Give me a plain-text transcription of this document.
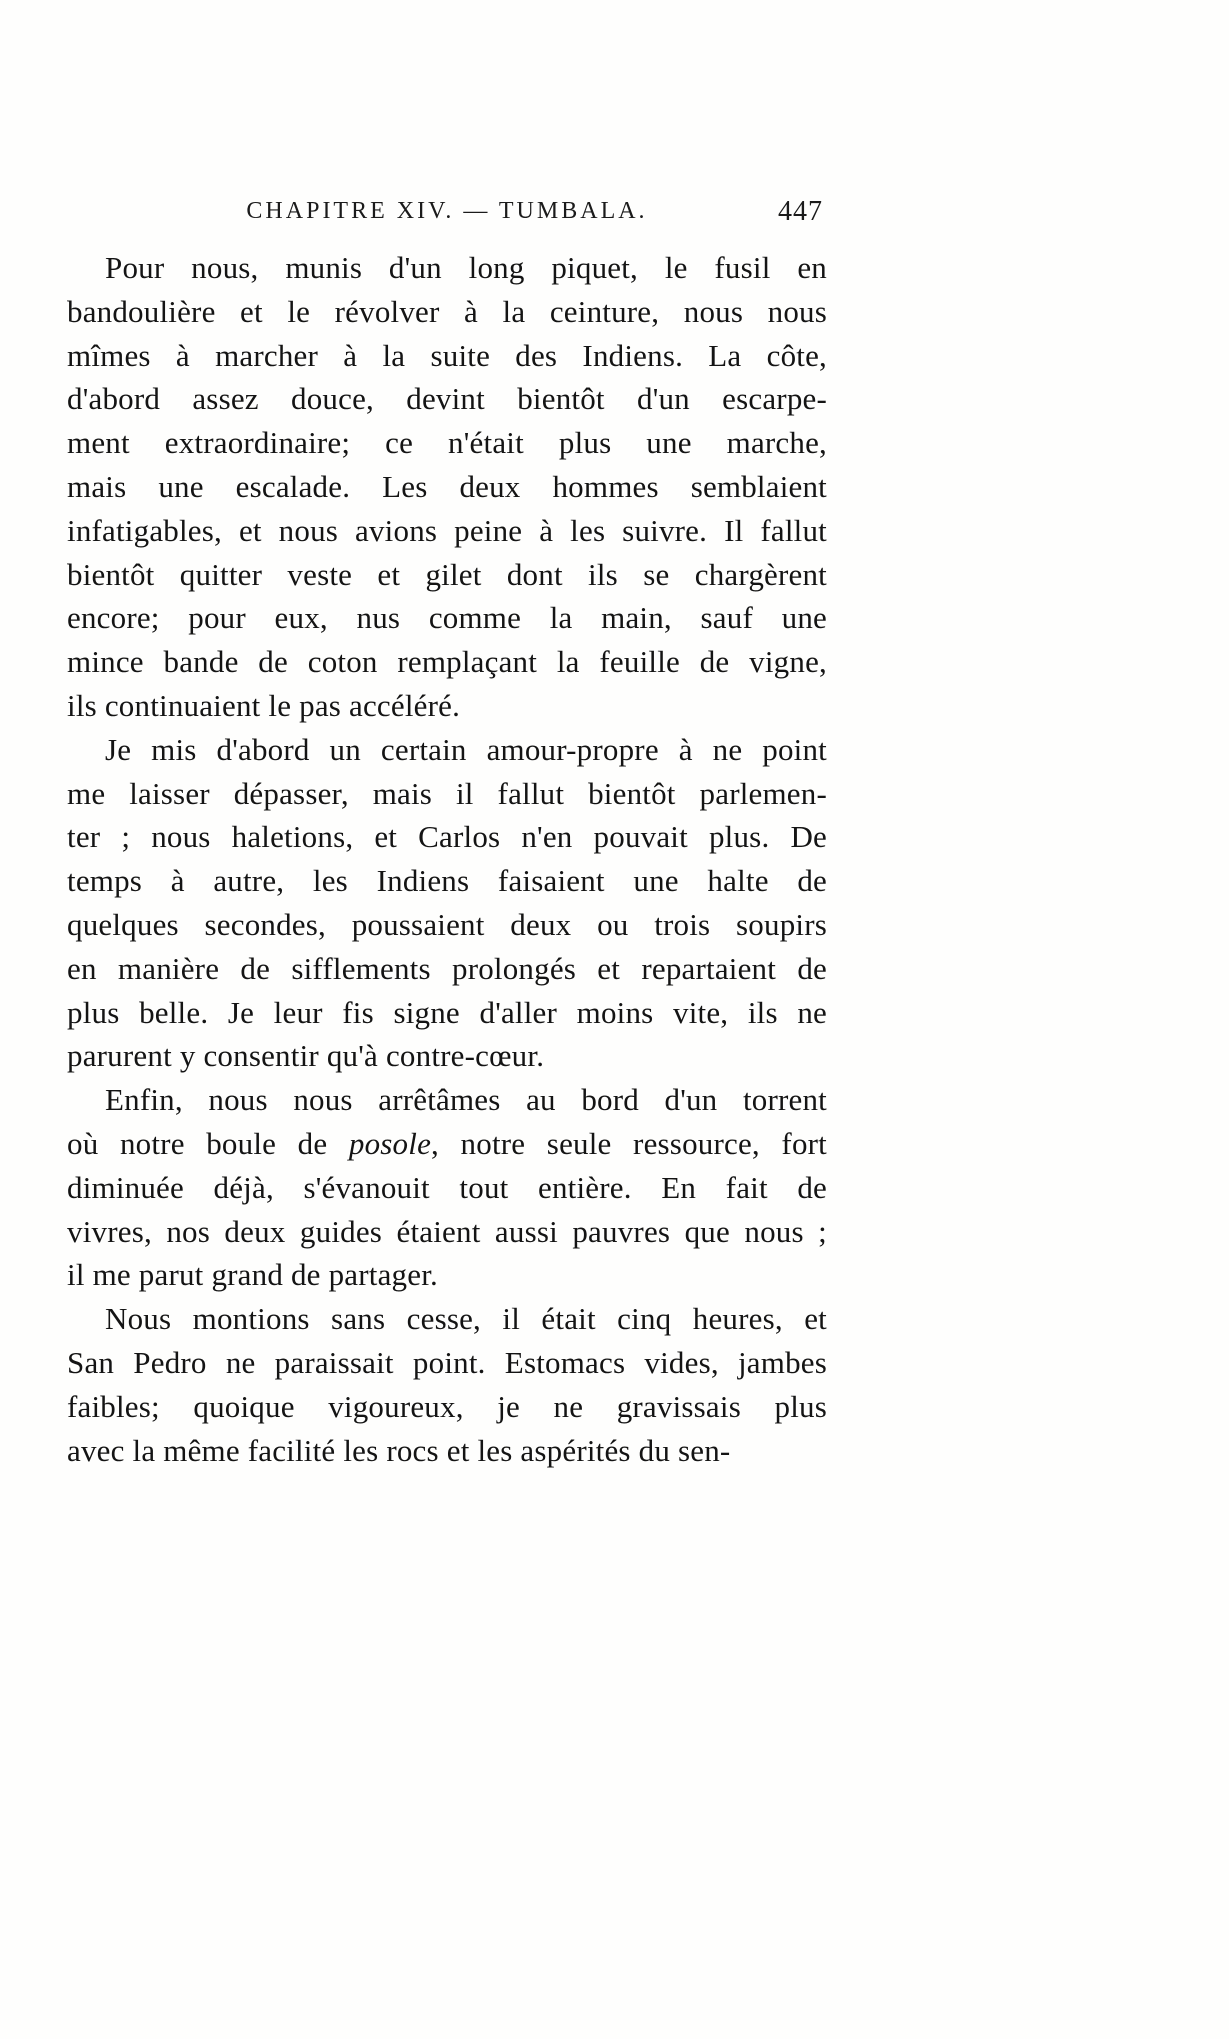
CHAPITRE XIV. — TUMBALA.	447
Pour nous, munis d'un long piquet, le fusil en
bandoulière et le révolver à la ceinture, nous nous
mîmes à marcher à la suite des Indiens. La côte,
d'abord assez douce, devint bientôt d'un escarpe-
ment extraordinaire; ce n'était plus une marche,
mais une escalade. Les deux hommes semblaient
infatigables, et nous avions peine à les suivre. Il fallut
bientôt quitter veste et gilet dont ils se chargèrent
encore; pour eux, nus comme la main, sauf une
mince bande de coton remplaçant la feuille de vigne,
ils continuaient le pas accéléré.
Je mis d'abord un certain amour-propre à ne point
me laisser dépasser, mais il fallut bientôt parlemen-
ter ; nous haletions, et Carlos n'en pouvait plus. De
temps à autre, les Indiens faisaient une halte de
quelques secondes, poussaient deux ou trois soupirs
en manière de sifflements prolongés et repartaient de
plus belle. Je leur fis signe d'aller moins vite, ils ne
parurent y consentir qu'à contre-cœur.
Enfin, nous nous arrêtâmes au bord d'un torrent
où notre boule de posole, notre seule ressource, fort
diminuée déjà, s'évanouit tout entière. En fait de
vivres, nos deux guides étaient aussi pauvres que nous ;
il me parut grand de partager.
Nous montions sans cesse, il était cinq heures, et
San Pedro ne paraissait point. Estomacs vides, jambes
faibles; quoique vigoureux, je ne gravissais plus
avec la même facilité les rocs et les aspérités du sen-
